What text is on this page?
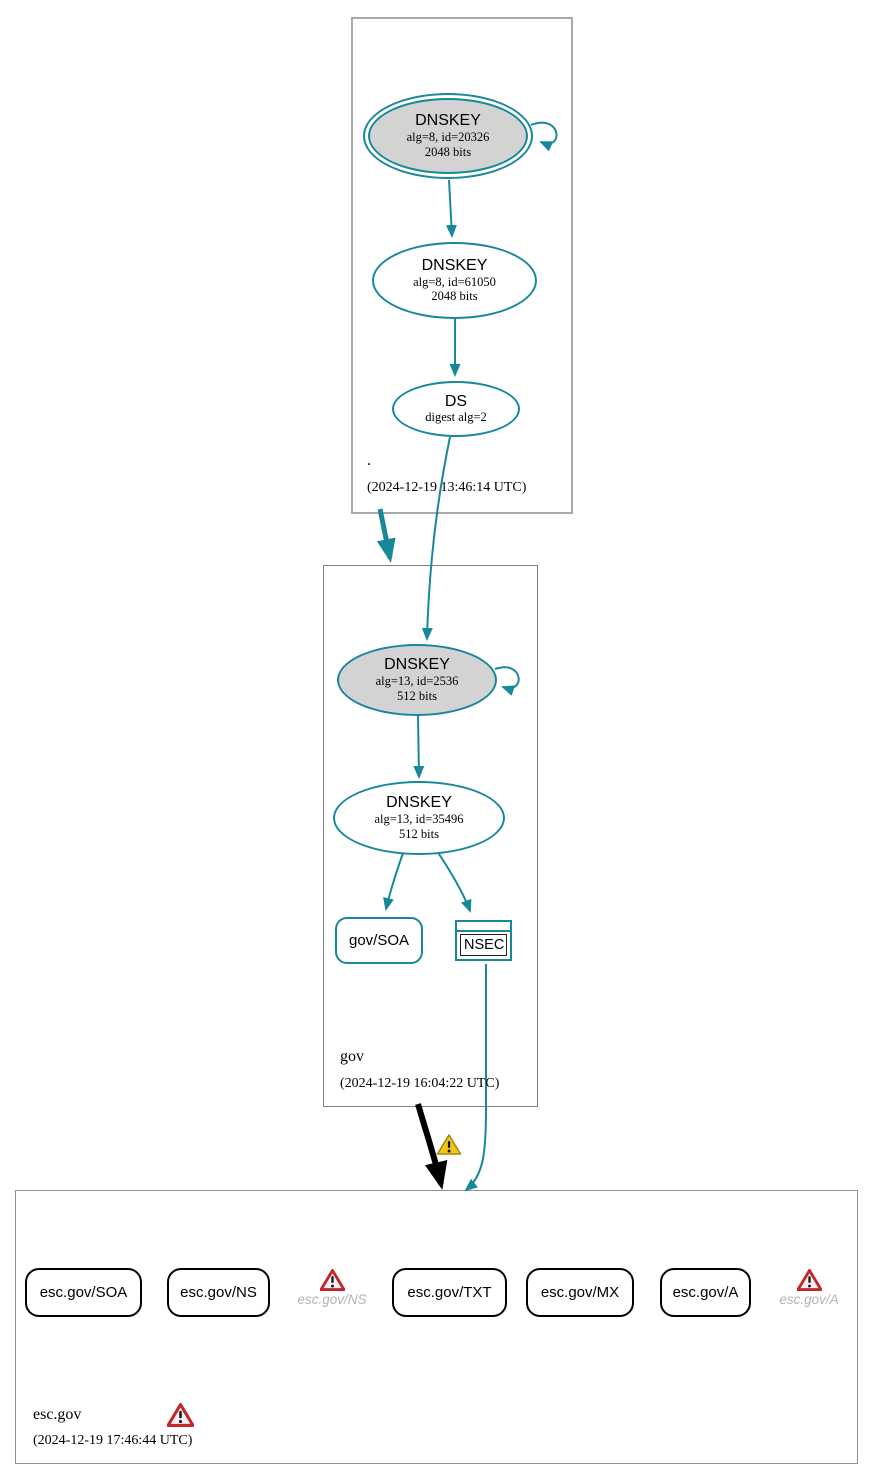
DNSKEY
alg=8, id=20326
2048 bits
DNSKEY
alg=8, id=61050
2048 bits
DS
digest alg=2
.
(2024-12-19 13:46:14 UTC)
DNSKEY
alg=13, id=2536
512 bits
DNSKEY
alg=13, id=35496
512 bits
gov/SOA	NSEC
gov
(2024-12-19 16:04:22 UTC)
esc.gov/SOA	esc.gov/NS	esc.gov/NS	esc.gov/TXT	esc.gov/MX	esc.gov/A	esc.gov/A
esc.gov
(2024-12-19 17:46:44 UTC)
